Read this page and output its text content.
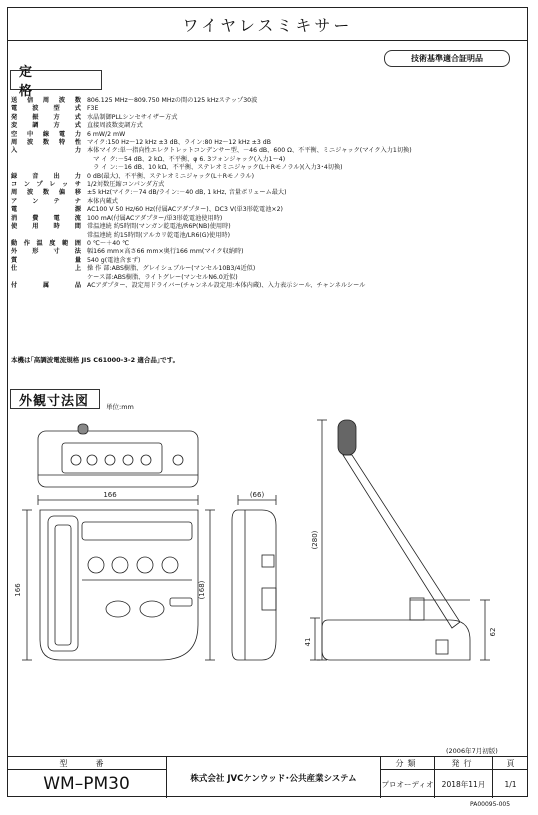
ワイヤレスミキサー
技術基準適合証明品
定　格
送 信 周 波 数 806.125 MHz～809.750 MHzの間の125 kHzステップ30波
電 波 型 式 F3E
発 振 方 式 水晶制御PLLシンセサイザー方式
変 調 方 式 直接周波数変調方式
空 中 線 電 力 6 mW/2 mW
周 波 数 特 性 マイク:150 Hz～12 kHz ±3 dB、ライン:80 Hz～12 kHz ±3 dB
入	力 本体マイク:単一指向性エレクトレットコンデンサー型、－46 dB、600 Ω、不平衡、ミニジャック(マイク入力1切換)
　マ イ ク:－54 dB、2 kΩ、不平衡、φ 6. 3フォンジャック(入力1～4)
　ラ イ ン:－16 dB、10 kΩ、不平衡、ステレオミニジャック(L＋Rモノラル)(入力3･4切換)
録 音 出 力 0 dB(最大)、不平衡、ステレオミニジャック(L＋Rモノラル)
コ ン プ レ ッ サ 1/2対数圧縮コンパンダ方式
周 波 数 偏 移 ±5 kHz(マイク:－74 dB/ライン:－40 dB, 1 kHz, 音量ボリューム最大)
ア ン テ ナ 本体内蔵式
電	源 AC100 V 50 Hz/60 Hz(付属ACアダプター)、DC3 V(単3形乾電池×2)
消 費 電 流 100 mA(付属ACアダプター/単3形乾電池使用時)
使 用 時 間 常温連続 約5時間(マンガン乾電池/R6P(NB)使用時)
常温連続 約15時間(アルカリ乾電池/LR6(G)使用時)
動 作 温 度 範 囲 0 ℃～＋40 ℃
外 形 寸 法 幅166 mm×高さ66 mm×奥行166 mm(マイク収納時)
質	量 540 g(電池含まず)
仕	上 操 作 部:ABS樹脂、グレイシュブルー(マンセル10B3/4近似)
ケース部:ABS樹脂、ライトグレー(マンセルN6.0近似)
付	属	品 ACアダプター、設定用ドライバー(チャンネル設定用:本体内蔵)、入力表示シール、チャンネルシール
本機は｢高調波電流規格 JIS C61000-3-2 適合品｣です。
外観寸法図	単位:mm
166
166
(66)
(168)
(280)
41
62
(2006年7月初版)
型　番
WM–PM30	株式会社 JVCケンウッド･公共産業システム
分類
プロオーディオ
発行
2018年11月
頁
1/1
PA00095-005
